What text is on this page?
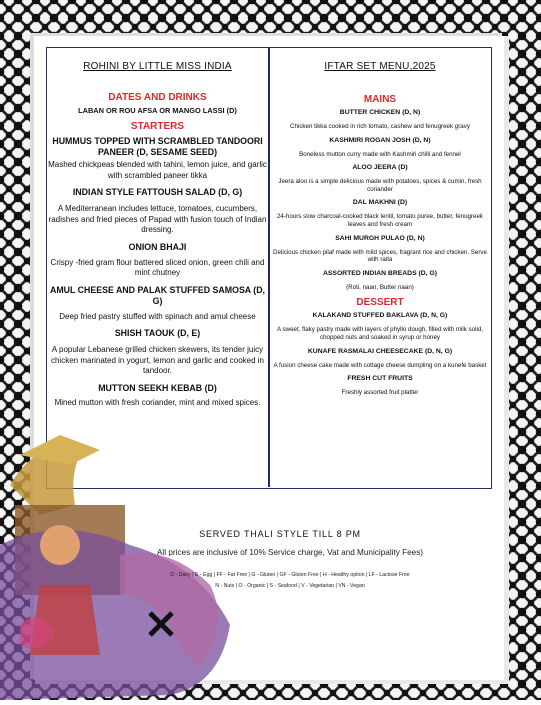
ROHINI BY LITTLE MISS INDIA
DATES AND DRINKS
LABAN OR ROU AFSA OR MANGO LASSI (D)
STARTERS
HUMMUS TOPPED WITH SCRAMBLED TANDOORI PANEER (D, SESAME SEED)
Mashed chickpeas blended with tahini, lemon juice, and garlic with scrambled paneer tikka
INDIAN STYLE FATTOUSH SALAD (D, G)
A Mediterranean includes lettuce, tomatoes, cucumbers, radishes and fried pieces of Papad with fusion touch of Indian dressing.
ONION BHAJI
Crispy -fried gram flour battered sliced onion, green chili and mint chutney
AMUL CHEESE AND PALAK STUFFED SAMOSA (D, G)
Deep fried pastry stuffed with spinach and amul cheese
SHISH TAOUK (D, E)
A popular Lebanese grilled chicken skewers, its tender juicy chicken marinated in yogurt, lemon and garlic and cooked in tandoor.
MUTTON SEEKH KEBAB (D)
Mined mutton with fresh coriander, mint and mixed spices.
IFTAR SET MENU,2025
MAINS
BUTTER CHICKEN (D, N)
Chicken tikka cooked in rich tomato, cashew and fenugreek gravy
KASHMIRI ROGAN JOSH (D, N)
Boneless mutton curry made with Kashmiri chilli and fennel
ALOO JEERA (D)
Jeera aloo is a simple delicious made with potatoes, spices & cumin, fresh coriander
DAL MAKHNI (D)
24-hours slow charcoal-cooked black lentil, tomato puree, butter, fenugreek leaves and fresh cream
SAHI MURGH PULAO (D, N)
Delicious chicken pilaf made with mild spices, fragrant rice and chicken. Serve with raita
ASSORTED INDIAN BREADS (D, G)
(Roti, naan, Butter naan)
DESSERT
KALAKAND STUFFED BAKLAVA (D, N, G)
A sweet, flaky pastry made with layers of phyllo dough, filled with milk solid, chopped nuts and soaked in syrup or honey
KUNAFE RASMALAI CHEESECAKE (D, N, G)
A fusion cheese cake made with cottage cheese dumpling on a kunefe basket
FRESH CUT FRUITS
Freshly assorted fruit platter
SERVED THALI STYLE TILL 8 PM
All prices are inclusive of 10% Service charge, Vat and Municipality Fees)
D - Dairy | E - Egg | FF - Fat Free | G - Gluten | GF - Gluten Free | H - Healthy option | LF - Lactose Free
N - Nuts | O - Organic | S - Seafood | V - Vegetarian | VN - Vegan
